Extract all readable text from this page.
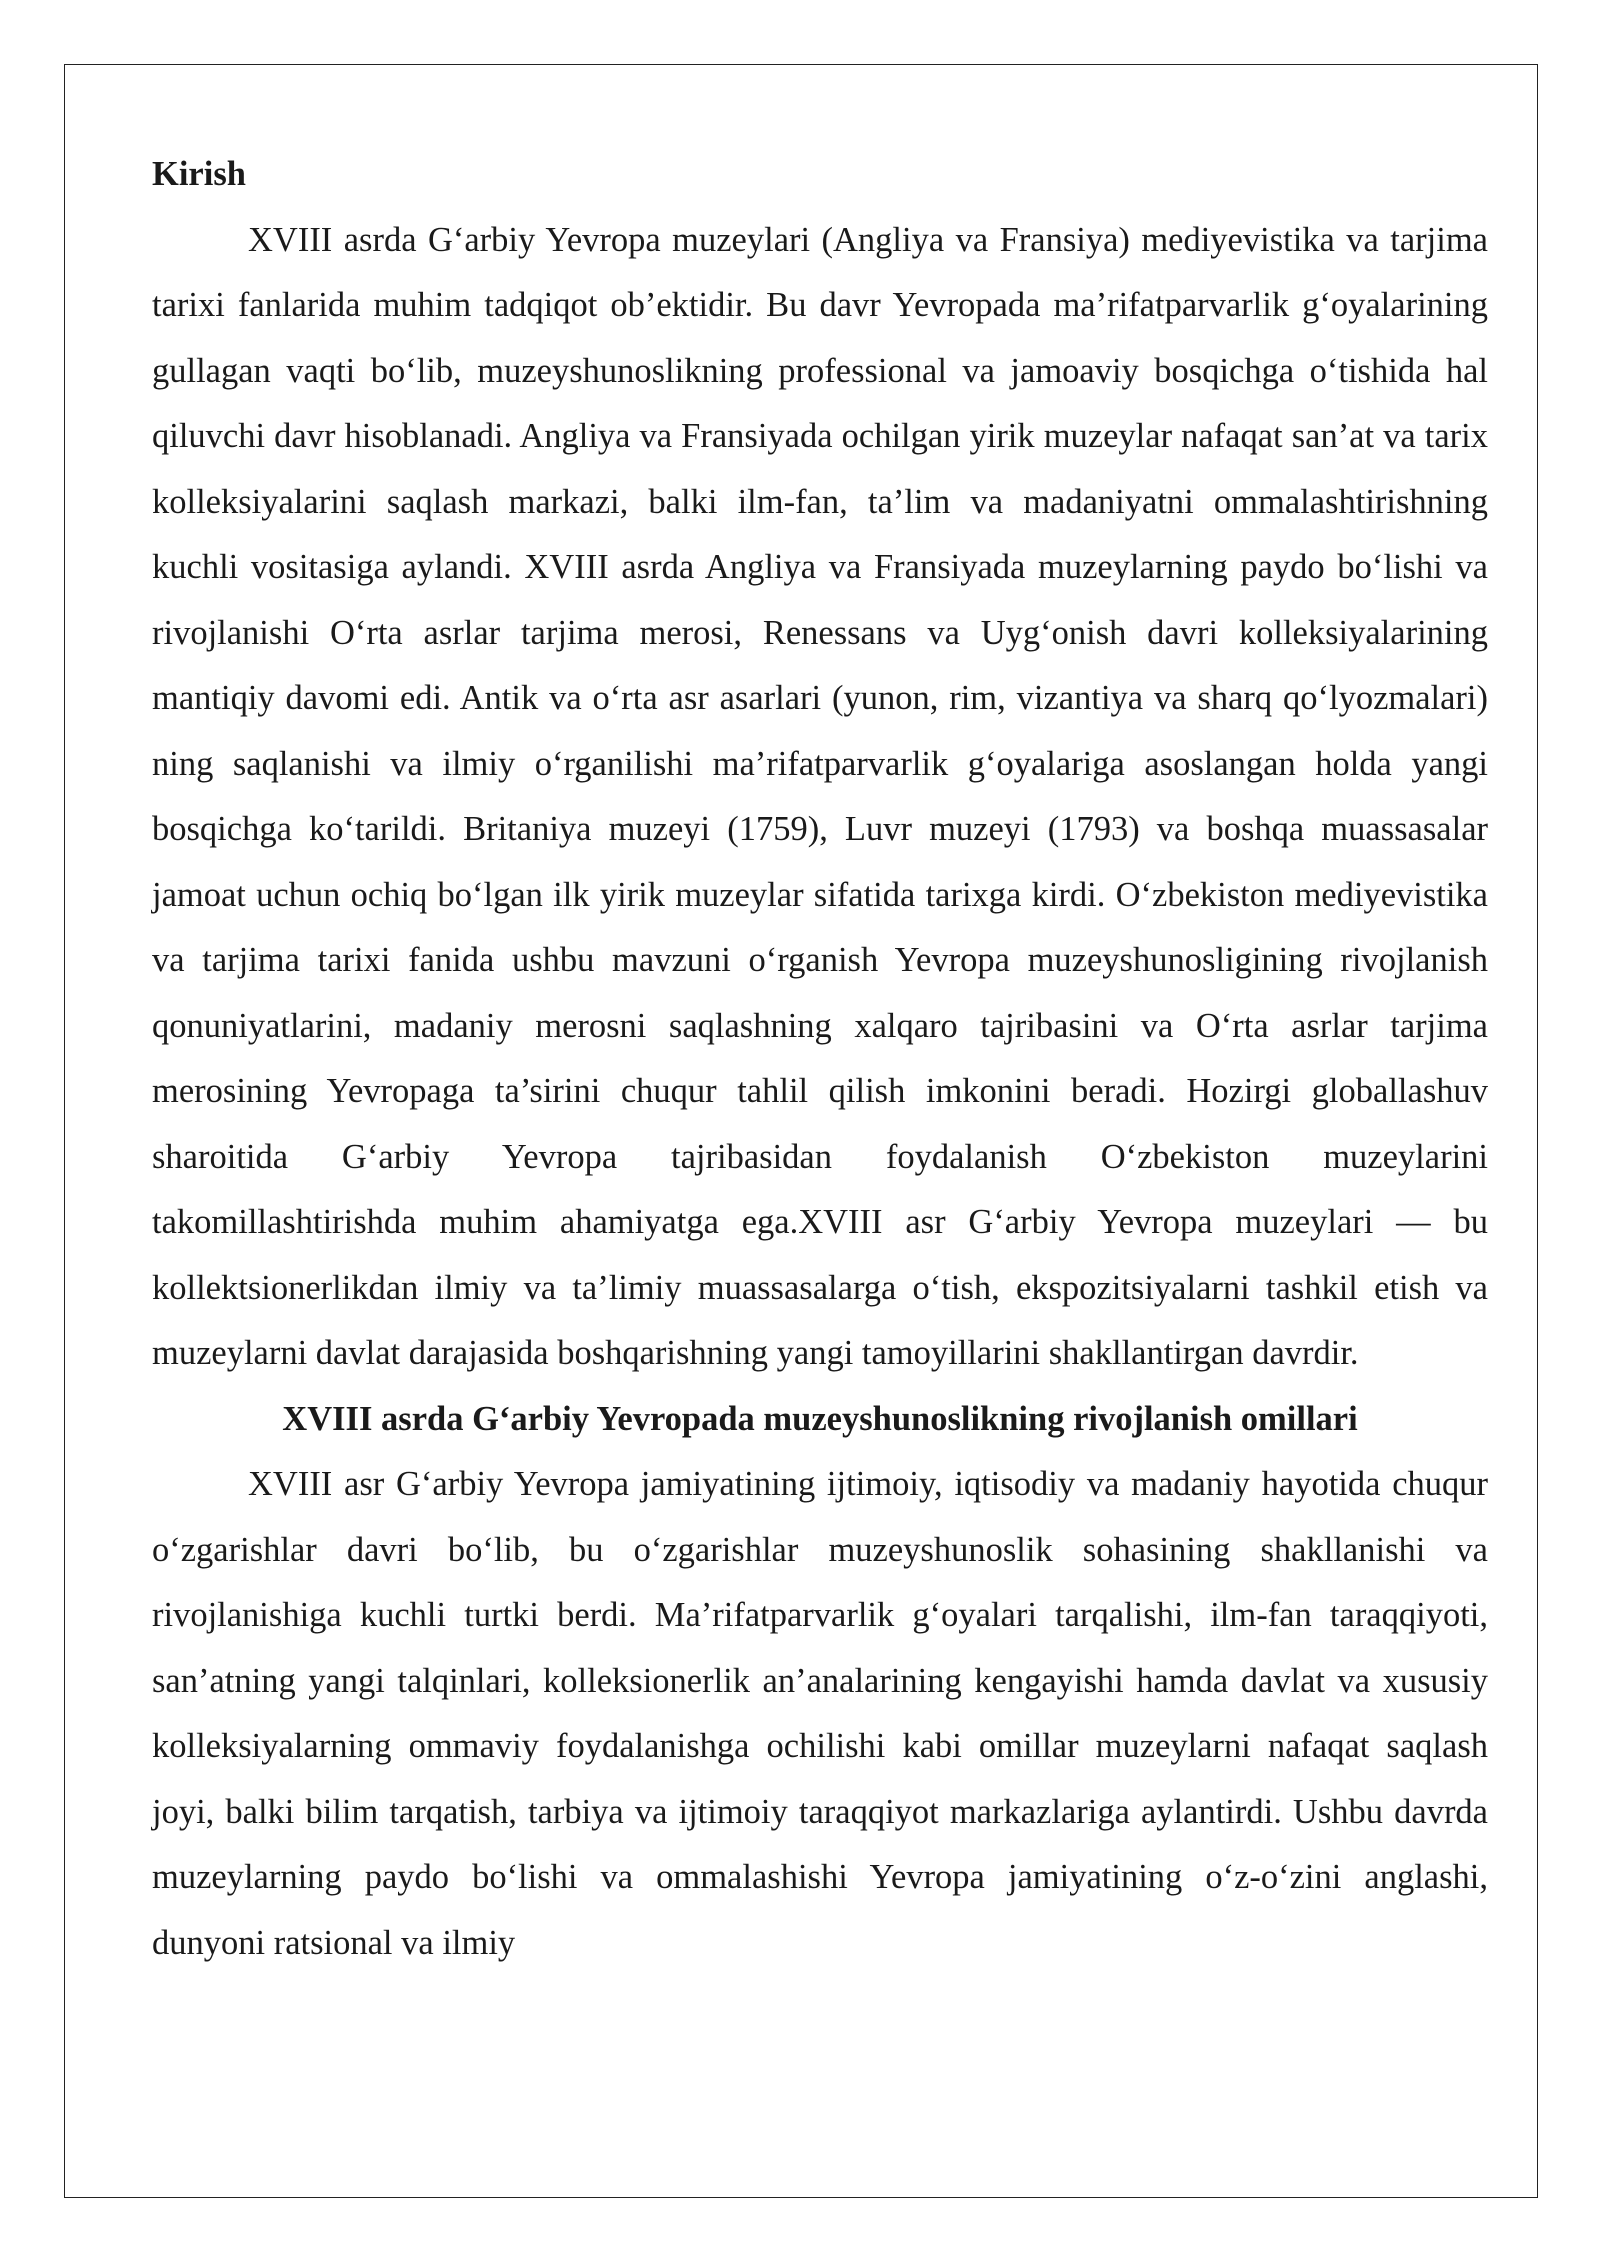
Kirish

XVIII asrda G‘arbiy Yevropa muzeylari (Angliya va Fransiya) mediyevistika va tarjima tarixi fanlarida muhim tadqiqot ob’ektidir. Bu davr Yevropada ma’rifatparvarlik g‘oyalarining gullagan vaqti bo‘lib, muzeyshunoslikning professional va jamoaviy bosqichga o‘tishida hal qiluvchi davr hisoblanadi. Angliya va Fransiyada ochilgan yirik muzeylar nafaqat san’at va tarix kolleksiyalarini saqlash markazi, balki ilm-fan, ta’lim va madaniyatni ommalashtirishning kuchli vositasiga aylandi. XVIII asrda Angliya va Fransiyada muzeylarning paydo bo‘lishi va rivojlanishi O‘rta asrlar tarjima merosi, Renessans va Uyg‘onish davri kolleksiyalarining mantiqiy davomi edi. Antik va o‘rta asr asarlari (yunon, rim, vizantiya va sharq qo‘lyozmalari) ning saqlanishi va ilmiy o‘rganilishi ma’rifatparvarlik g‘oyalariga asoslangan holda yangi bosqichga ko‘tarildi. Britaniya muzeyi (1759), Luvr muzeyi (1793) va boshqa muassasalar jamoat uchun ochiq bo‘lgan ilk yirik muzeylar sifatida tarixga kirdi. O‘zbekiston mediyevistika va tarjima tarixi fanida ushbu mavzuni o‘rganish Yevropa muzeyshunosligining rivojlanish qonuniyatlarini, madaniy merosni saqlashning xalqaro tajribasini va O‘rta asrlar tarjima merosining Yevropaga ta’sirini chuqur tahlil qilish imkonini beradi. Hozirgi globallashuv sharoitida G‘arbiy Yevropa tajribasidan foydalanish O‘zbekiston muzeylarini takomillashtirishda muhim ahamiyatga ega.XVIII asr G‘arbiy Yevropa muzeylari — bu kollektsionerlikdan ilmiy va ta’limiy muassasalarga o‘tish, ekspozitsiyalarni tashkil etish va muzeylarni davlat darajasida boshqarishning yangi tamoyillarini shakllantirgan davrdir.

XVIII asrda G‘arbiy Yevropada muzeyshunoslikning rivojlanish omillari

XVIII asr G‘arbiy Yevropa jamiyatining ijtimoiy, iqtisodiy va madaniy hayotida chuqur o‘zgarishlar davri bo‘lib, bu o‘zgarishlar muzeyshunoslik sohasining shakllanishi va rivojlanishiga kuchli turtki berdi. Ma’rifatparvarlik g‘oyalari tarqalishi, ilm-fan taraqqiyoti, san’atning yangi talqinlari, kolleksionerlik an’analarining kengayishi hamda davlat va xususiy kolleksiyalarning ommaviy foydalanishga ochilishi kabi omillar muzeylarni nafaqat saqlash joyi, balki bilim tarqatish, tarbiya va ijtimoiy taraqqiyot markazlariga aylantirdi. Ushbu davrda muzeylarning paydo bo‘lishi va ommalashishi Yevropa jamiyatining o‘z-o‘zini anglashi, dunyoni ratsional va ilmiy
